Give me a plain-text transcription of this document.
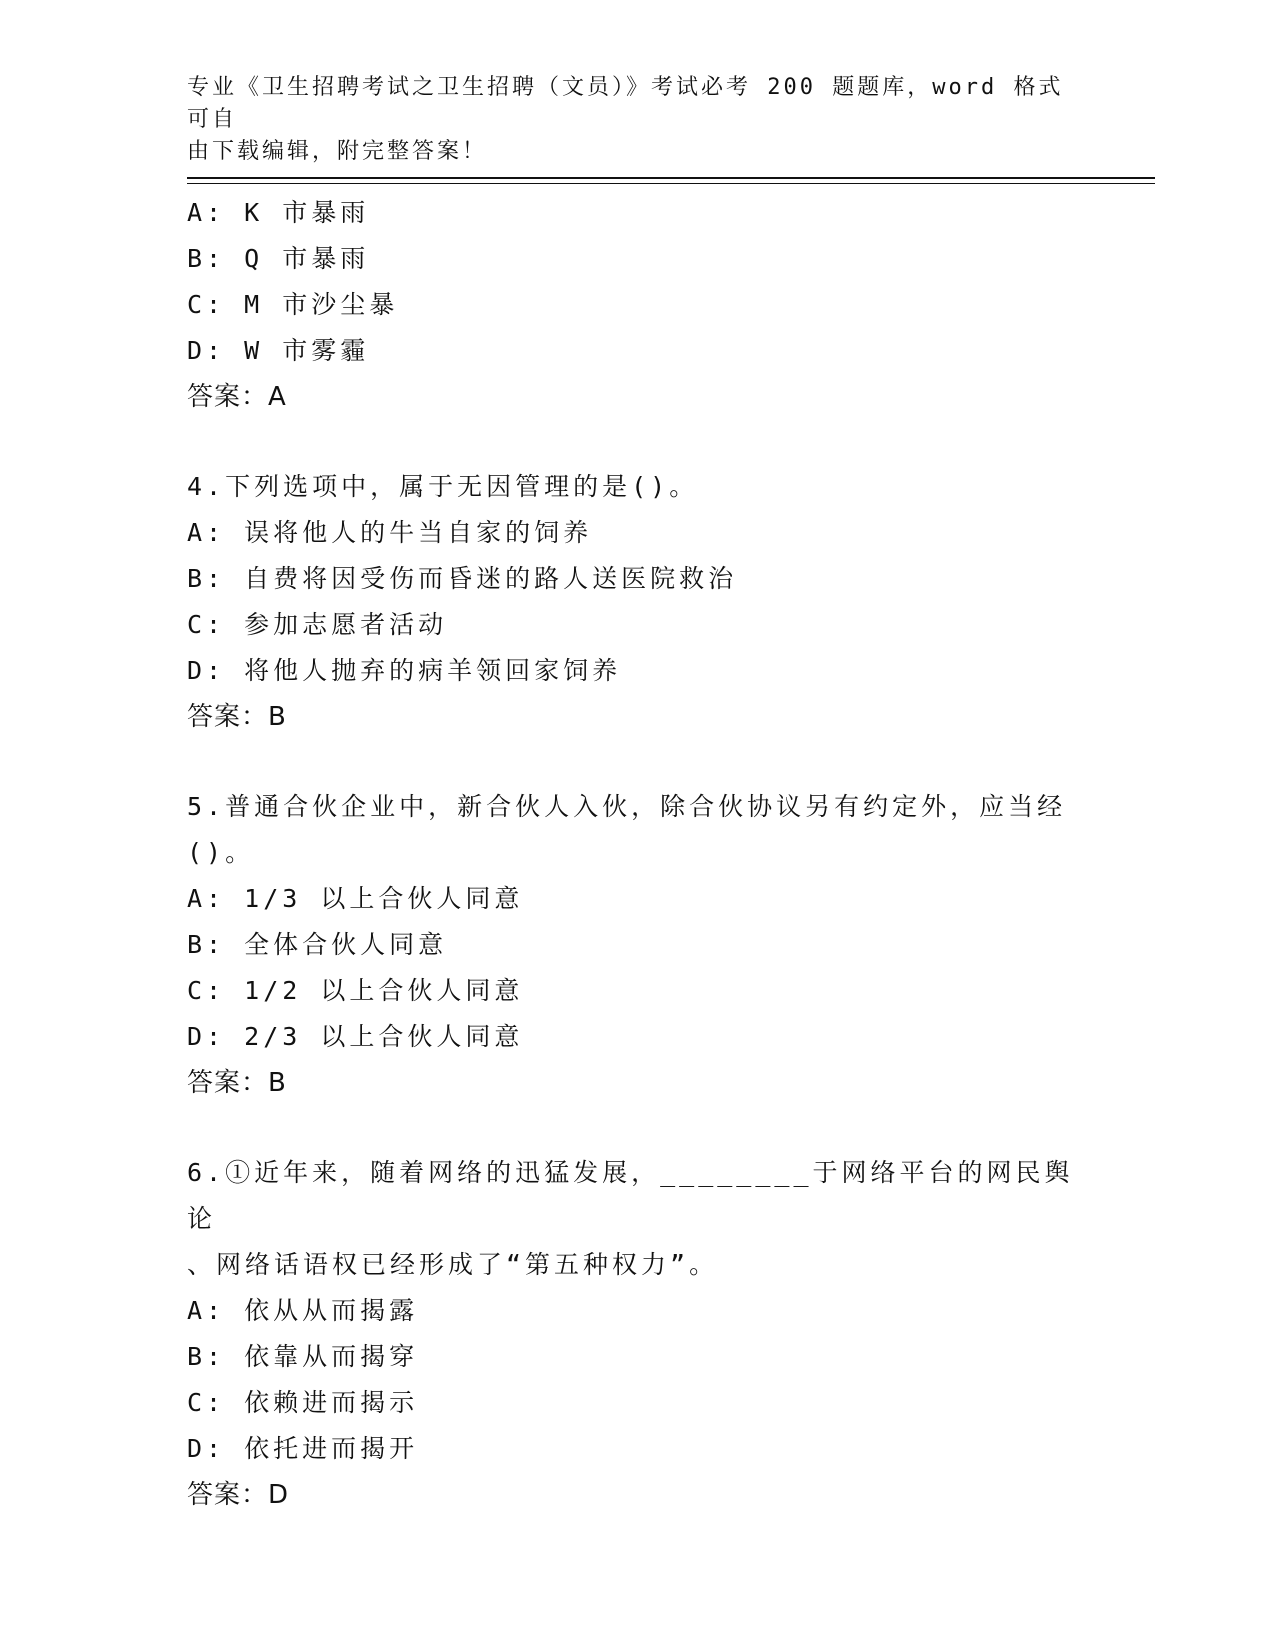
专业《卫生招聘考试之卫生招聘（文员）》考试必考 200 题题库，word 格式可自
由下载编辑，附完整答案！
A: K 市暴雨
B: Q 市暴雨
C: M 市沙尘暴
D: W 市雾霾
答案：A
4.下列选项中，属于无因管理的是()。
A: 误将他人的牛当自家的饲养
B: 自费将因受伤而昏迷的路人送医院救治
C: 参加志愿者活动
D: 将他人抛弃的病羊领回家饲养
答案：B
5.普通合伙企业中，新合伙人入伙，除合伙协议另有约定外，应当经
()。
A: 1/3 以上合伙人同意
B: 全体合伙人同意
C: 1/2 以上合伙人同意
D: 2/3 以上合伙人同意
答案：B
6.①近年来，随着网络的迅猛发展，________于网络平台的网民舆论
、网络话语权已经形成了“第五种权力”。
A: 依从从而揭露
B: 依靠从而揭穿
C: 依赖进而揭示
D: 依托进而揭开
答案：D
